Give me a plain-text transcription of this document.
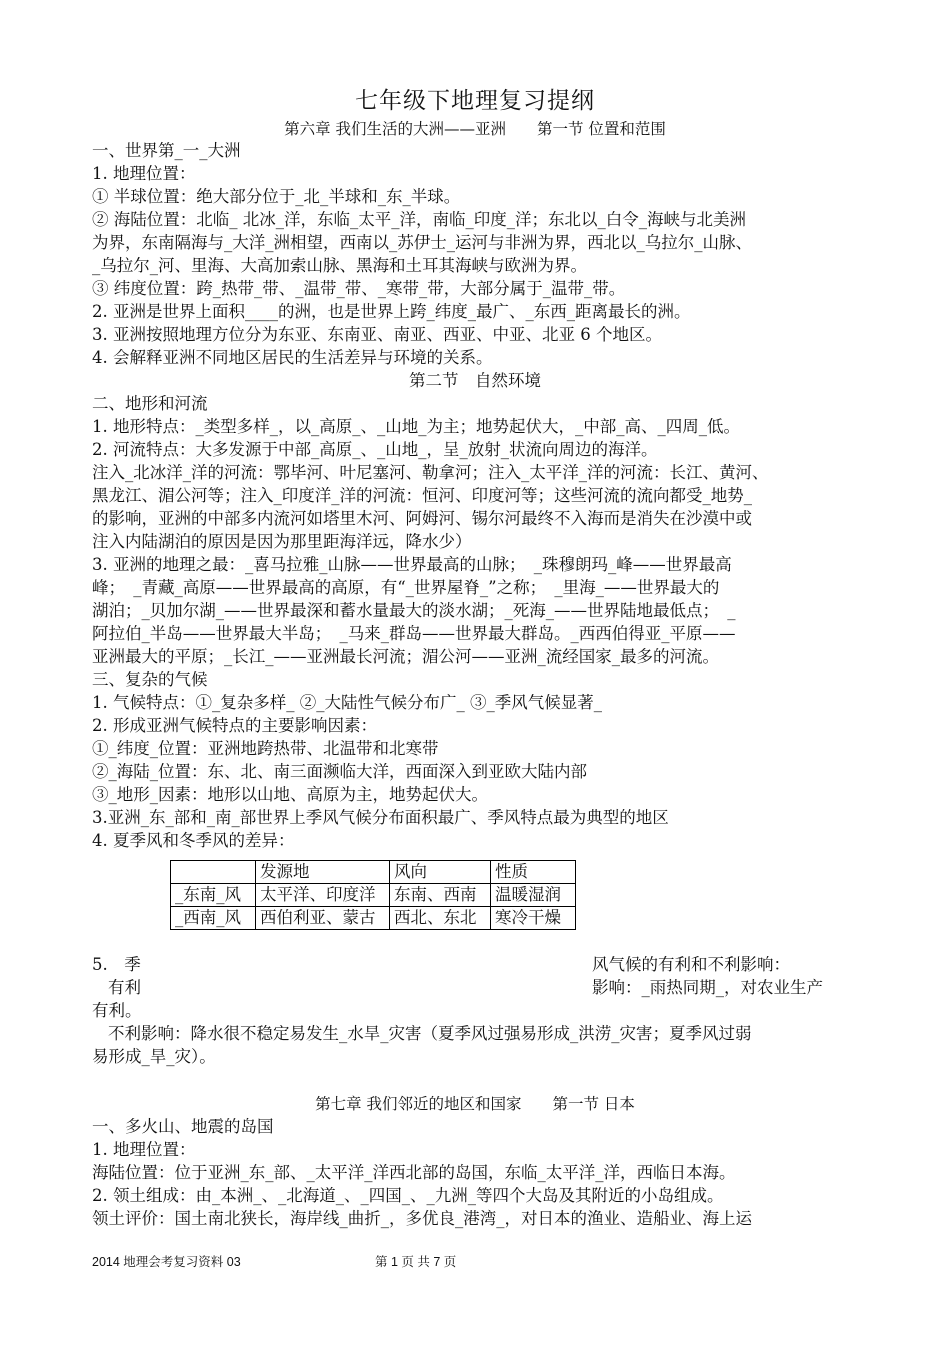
七年级下地理复习提纲
第六章 我们生活的大洲——亚洲　　第一节 位置和范围
一、世界第_一_大洲
1. 地理位置：
① 半球位置：绝大部分位于_北_半球和_东_半球。
② 海陆位置：北临_ 北冰_洋，东临_太平_洋，南临_印度_洋；东北以_白令_海峡与北美洲
为界，东南隔海与_大洋_洲相望，西南以_苏伊士_运河与非洲为界，西北以_乌拉尔_山脉、
_乌拉尔_河、里海、大高加索山脉、黑海和土耳其海峡与欧洲为界。
③ 纬度位置：跨_热带_带、_温带_带、_寒带_带，大部分属于_温带_带。
2. 亚洲是世界上面积____的洲，也是世界上跨_纬度_最广、_东西_距离最长的洲。
3. 亚洲按照地理方位分为东亚、东南亚、南亚、西亚、中亚、北亚 6 个地区。
4. 会解释亚洲不同地区居民的生活差异与环境的关系。
第二节　自然环境
二、地形和河流
1. 地形特点：_类型多样_，以_高原_、_山地_为主；地势起伏大，_中部_高、_四周_低。
2. 河流特点：大多发源于中部_高原_、_山地_，呈_放射_状流向周边的海洋。
注入_北冰洋_洋的河流：鄂毕河、叶尼塞河、勒拿河；注入_太平洋_洋的河流：长江、黄河、
黑龙江、湄公河等；注入_印度洋_洋的河流：恒河、印度河等；这些河流的流向都受_地势_
的影响，亚洲的中部多内流河如塔里木河、阿姆河、锡尔河最终不入海而是消失在沙漠中或
注入内陆湖泊的原因是因为那里距海洋远，降水少）
3. 亚洲的地理之最：_喜马拉雅_山脉——世界最高的山脉；　_珠穆朗玛_峰——世界最高
峰；　_青藏_高原——世界最高的高原，有“_世界屋脊_”之称；　_里海_——世界最大的
湖泊；_贝加尔湖_——世界最深和蓄水量最大的淡水湖；_死海_——世界陆地最低点；　_
阿拉伯_半岛——世界最大半岛；　_马来_群岛——世界最大群岛。_西西伯得亚_平原——
亚洲最大的平原；_长江_——亚洲最长河流；湄公河——亚洲_流经国家_最多的河流。
三、复杂的气候
1. 气候特点：①_复杂多样_ ②_大陆性气候分布广_ ③_季风气候显著_
2. 形成亚洲气候特点的主要影响因素：
①_纬度_位置：亚洲地跨热带、北温带和北寒带
②_海陆_位置：东、北、南三面濒临大洋，西面深入到亚欧大陆内部
③_地形_因素：地形以山地、高原为主，地势起伏大。
3.亚洲_东_部和_南_部世界上季风气候分布面积最广、季风特点最为典型的地区
4. 夏季风和冬季风的差异：
	发源地	风向	性质
_东南_风	太平洋、印度洋	东南、西南	温暖湿润
_西南_风	西伯利亚、蒙古	西北、东北	寒冷干燥
5.　季	风气候的有利和不利影响：
有利	影响：_雨热同期_，对农业生产
有利。
不利影响：降水很不稳定易发生_水旱_灾害（夏季风过强易形成_洪涝_灾害；夏季风过弱
易形成_旱_灾）。
第七章 我们邻近的地区和国家　　第一节 日本
一、多火山、地震的岛国
1. 地理位置：
海陆位置：位于亚洲_东_部、_太平洋_洋西北部的岛国，东临_太平洋_洋，西临日本海。
2. 领土组成：由_本洲_、_北海道_、_四国_、_九洲_等四个大岛及其附近的小岛组成。
领土评价：国土南北狭长，海岸线_曲折_，多优良_港湾_，对日本的渔业、造船业、海上运
2014 地理会考复习资料 03	第 1 页 共 7 页
